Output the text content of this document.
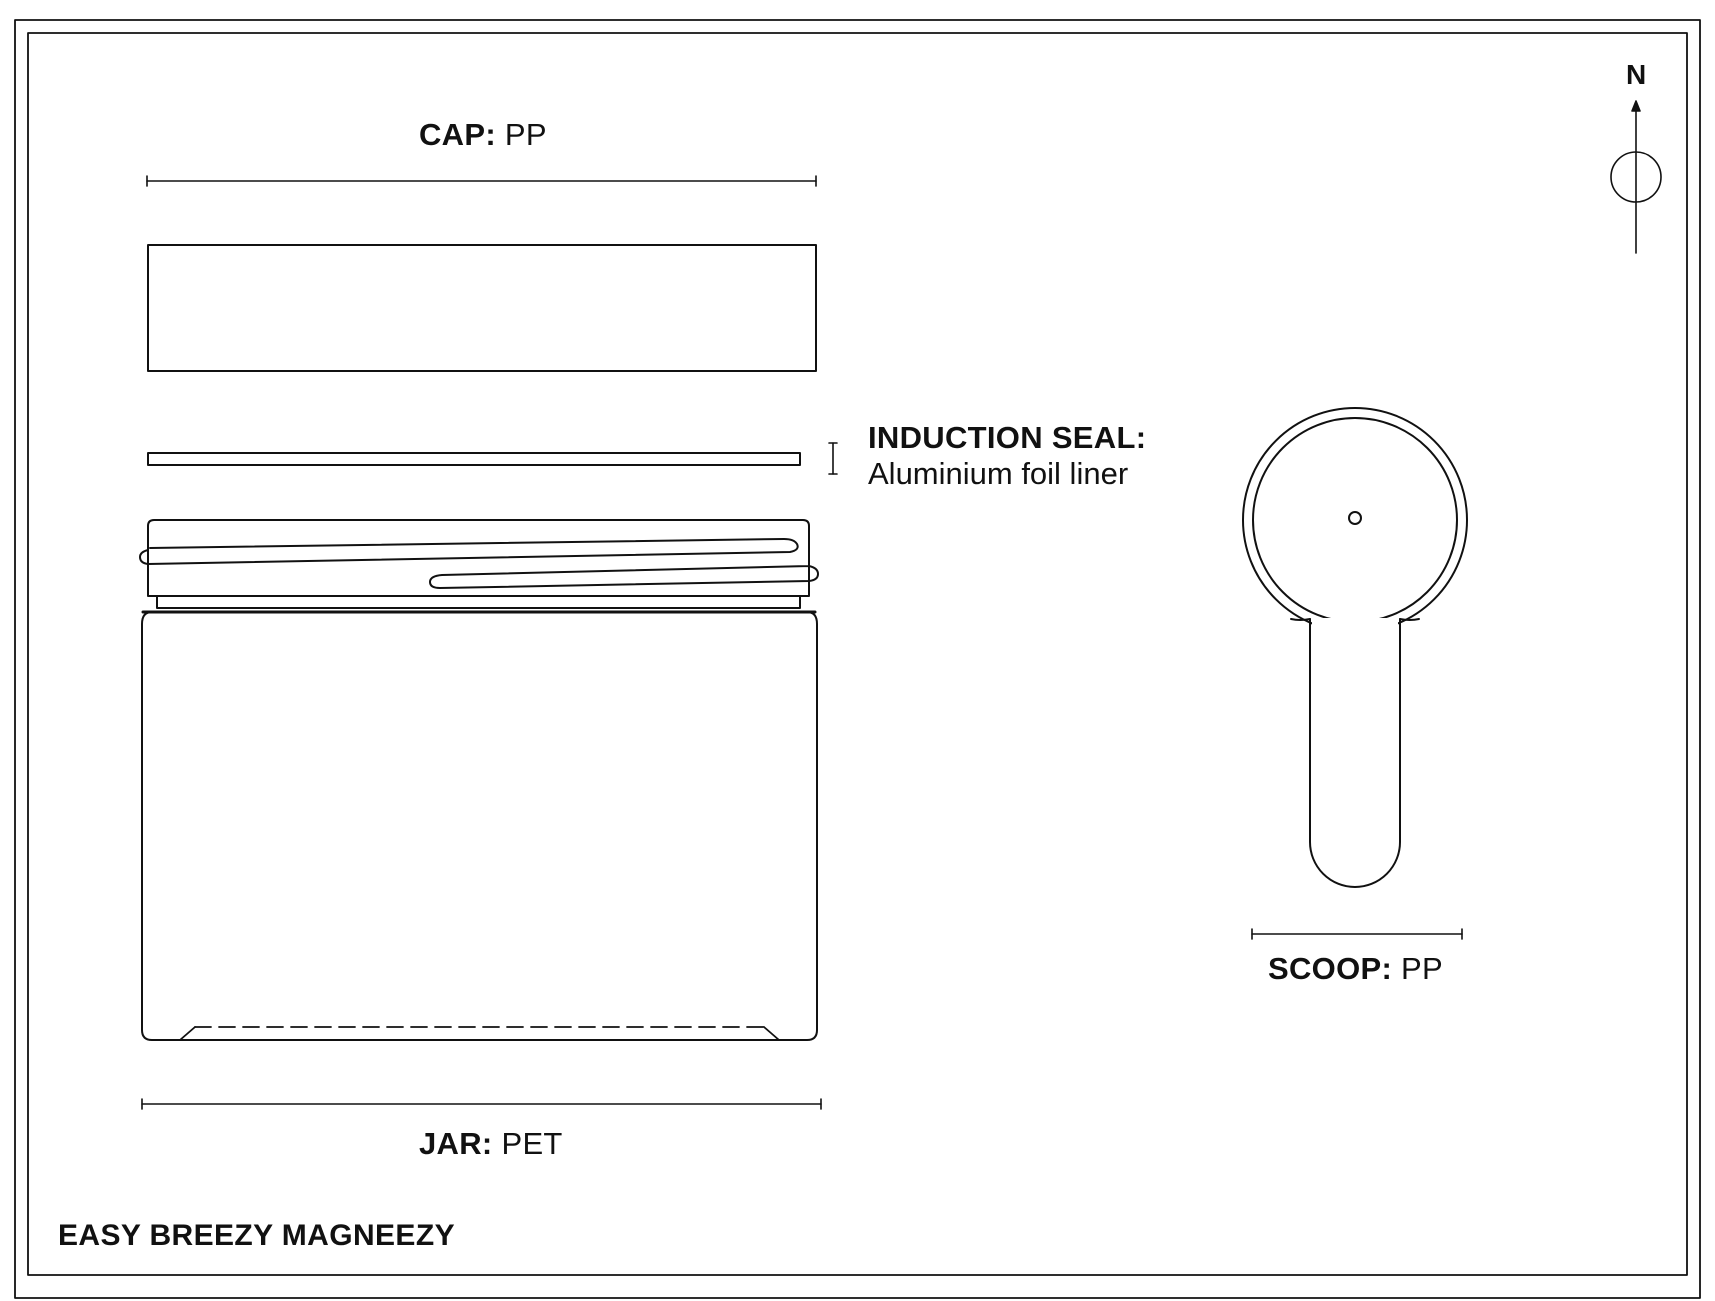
CAP: PP
INDUCTION SEAL:
Aluminium foil liner
JAR: PET
SCOOP: PP
EASY BREEZY MAGNEEZY
N
